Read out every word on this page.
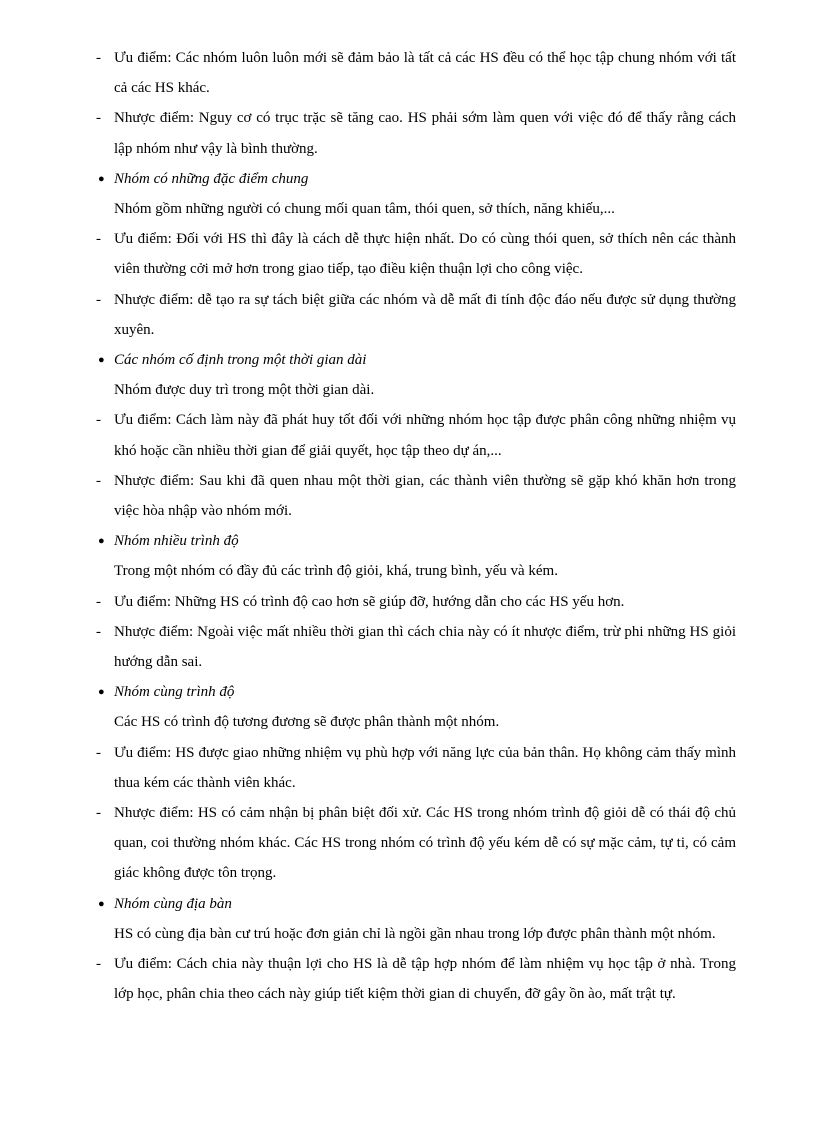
- Ưu điểm: Các nhóm luôn luôn mới sẽ đảm bảo là tất cả các HS đều có thể học tập chung nhóm với tất cả các HS khác.
- Nhược điểm: Nguy cơ có trục trặc sẽ tăng cao. HS phải sớm làm quen với việc đó để thấy rằng cách lập nhóm như vậy là bình thường.
● Nhóm có những đặc điểm chung
Nhóm gồm những người có chung mối quan tâm, thói quen, sở thích, năng khiếu,...
- Ưu điểm: Đối với HS thì đây là cách dễ thực hiện nhất. Do có cùng thói quen, sở thích nên các thành viên thường cởi mở hơn trong giao tiếp, tạo điều kiện thuận lợi cho công việc.
- Nhược điểm: dễ tạo ra sự tách biệt giữa các nhóm và dễ mất đi tính độc đáo nếu được sử dụng thường xuyên.
● Các nhóm cố định trong một thời gian dài
Nhóm được duy trì trong một thời gian dài.
- Ưu điểm: Cách làm này đã phát huy tốt đối với những nhóm học tập được phân công những nhiệm vụ khó hoặc cần nhiều thời gian để giải quyết, học tập theo dự án,...
- Nhược điểm: Sau khi đã quen nhau một thời gian, các thành viên thường sẽ gặp khó khăn hơn trong việc hòa nhập vào nhóm mới.
● Nhóm nhiều trình độ
Trong một nhóm có đầy đủ các trình độ giỏi, khá, trung bình, yếu và kém.
- Ưu điểm: Những HS có trình độ cao hơn sẽ giúp đỡ, hướng dẫn cho các HS yếu hơn.
- Nhược điểm: Ngoài việc mất nhiều thời gian thì cách chia này có ít nhược điểm, trừ phi những HS giỏi hướng dẫn sai.
● Nhóm cùng trình độ
Các HS có trình độ tương đương sẽ được phân thành một nhóm.
- Ưu điểm: HS được giao những nhiệm vụ phù hợp với năng lực của bản thân. Họ không cảm thấy mình thua kém các thành viên khác.
- Nhược điểm: HS có cảm nhận bị phân biệt đối xử. Các HS trong nhóm trình độ giỏi dễ có thái độ chủ quan, coi thường nhóm khác. Các HS trong nhóm có trình độ yếu kém dễ có sự mặc cảm, tự ti, có cảm giác không được tôn trọng.
● Nhóm cùng địa bàn
HS có cùng địa bàn cư trú hoặc đơn giản chỉ là ngồi gần nhau trong lớp được phân thành một nhóm.
- Ưu điểm: Cách chia này thuận lợi cho HS là dễ tập hợp nhóm để làm nhiệm vụ học tập ở nhà. Trong lớp học, phân chia theo cách này giúp tiết kiệm thời gian di chuyển, đỡ gây ồn ào, mất trật tự.
